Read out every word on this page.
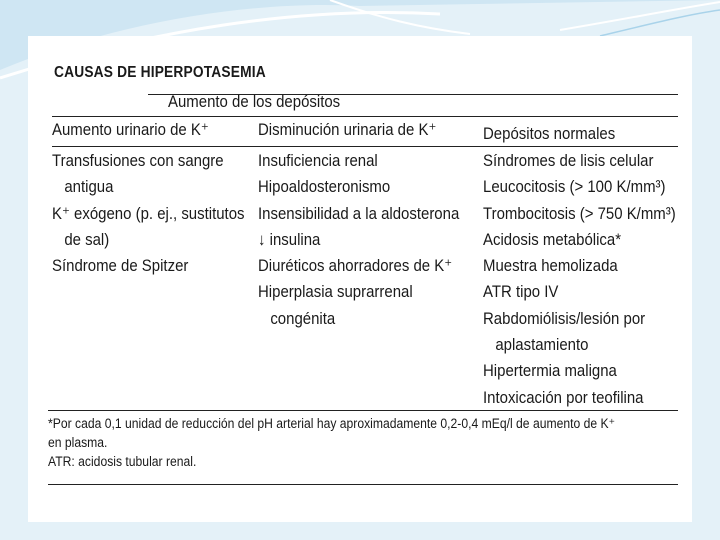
CAUSAS DE HIPERPOTASEMIA
Aumento de los depósitos
Aumento urinario de K⁺	Disminución urinaria de K⁺	Depósitos normales
Transfusiones con sangre
antigua
K⁺ exógeno (p. ej., sustitutos
de sal)
Síndrome de Spitzer
Insuficiencia renal
Hipoaldosteronismo
Insensibilidad a la aldosterona
↓ insulina
Diuréticos ahorradores de K⁺
Hiperplasia suprarrenal
congénita
Síndromes de lisis celular
Leucocitosis (> 100 K/mm³)
Trombocitosis (> 750 K/mm³)
Acidosis metabólica*
Muestra hemolizada
ATR tipo IV
Rabdomiólisis/lesión por
aplastamiento
Hipertermia maligna
Intoxicación por teofilina
*Por cada 0,1 unidad de reducción del pH arterial hay aproximadamente 0,2-0,4 mEq/l de aumento de K⁺
en plasma.
ATR: acidosis tubular renal.
